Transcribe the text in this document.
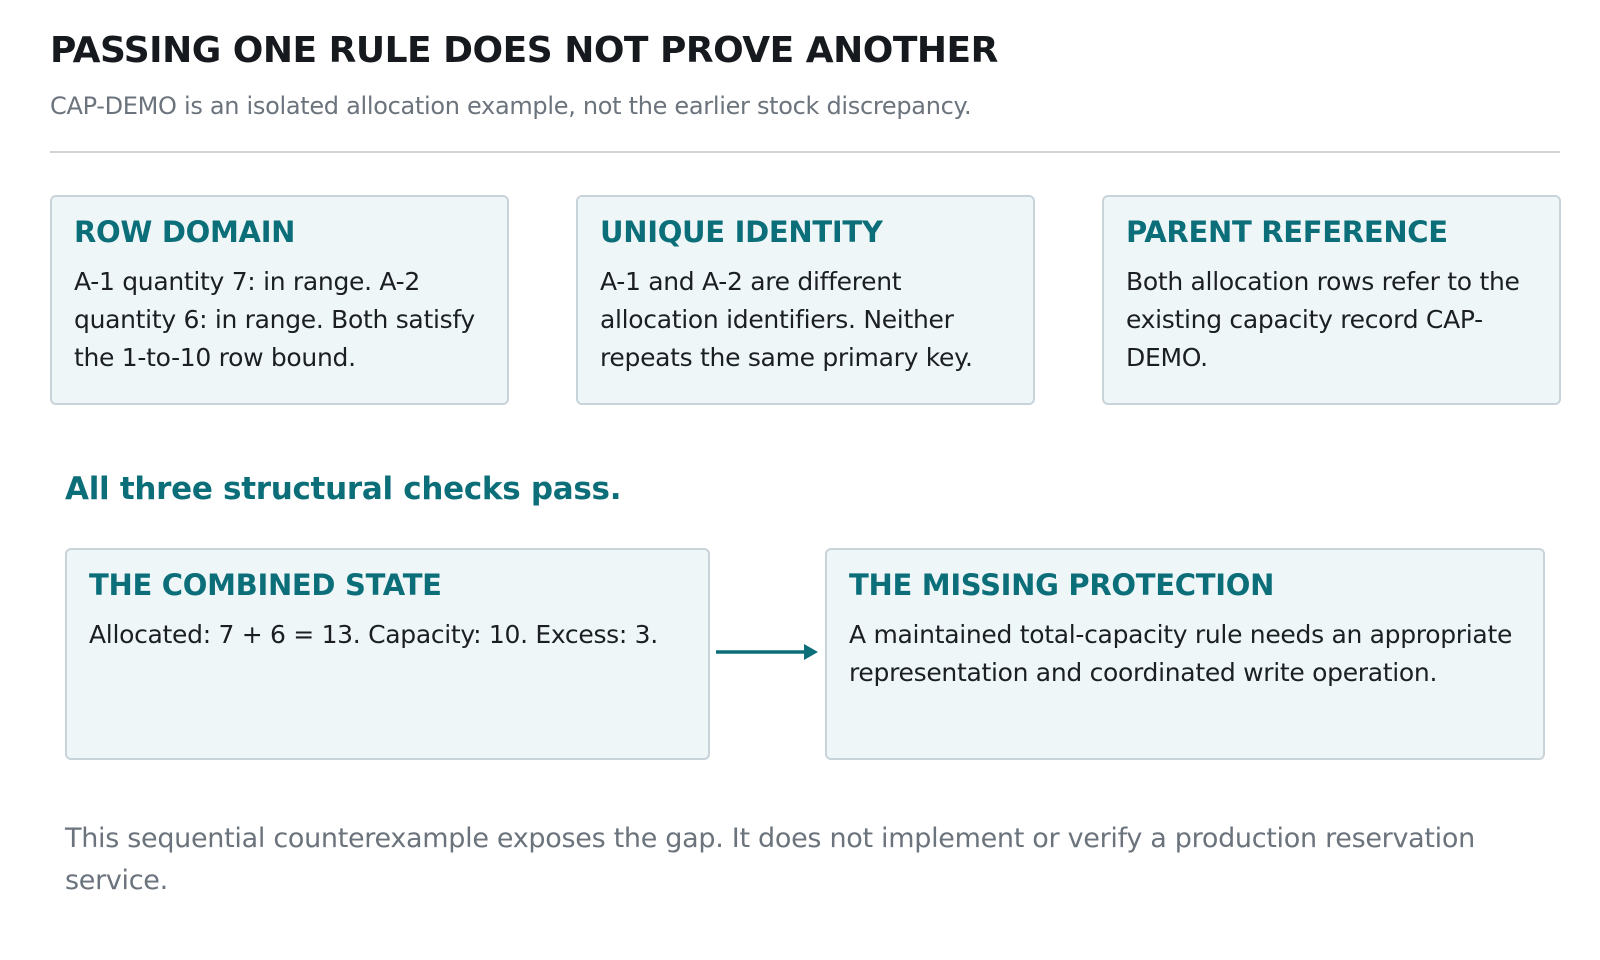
PASSING ONE RULE DOES NOT PROVE ANOTHER
CAP-DEMO is an isolated allocation example, not the earlier stock discrepancy.
ROW DOMAIN
A-1 quantity 7: in range. A-2 quantity 6: in range. Both satisfy the 1-to-10 row bound.
UNIQUE IDENTITY
A-1 and A-2 are different allocation identifiers. Neither repeats the same primary key.
PARENT REFERENCE
Both allocation rows refer to the existing capacity record CAP-DEMO.
All three structural checks pass.
THE COMBINED STATE
Allocated: 7 + 6 = 13. Capacity: 10. Excess: 3.
THE MISSING PROTECTION
A maintained total-capacity rule needs an appropriate representation and coordinated write operation.
This sequential counterexample exposes the gap. It does not implement or verify a production reservation service.
